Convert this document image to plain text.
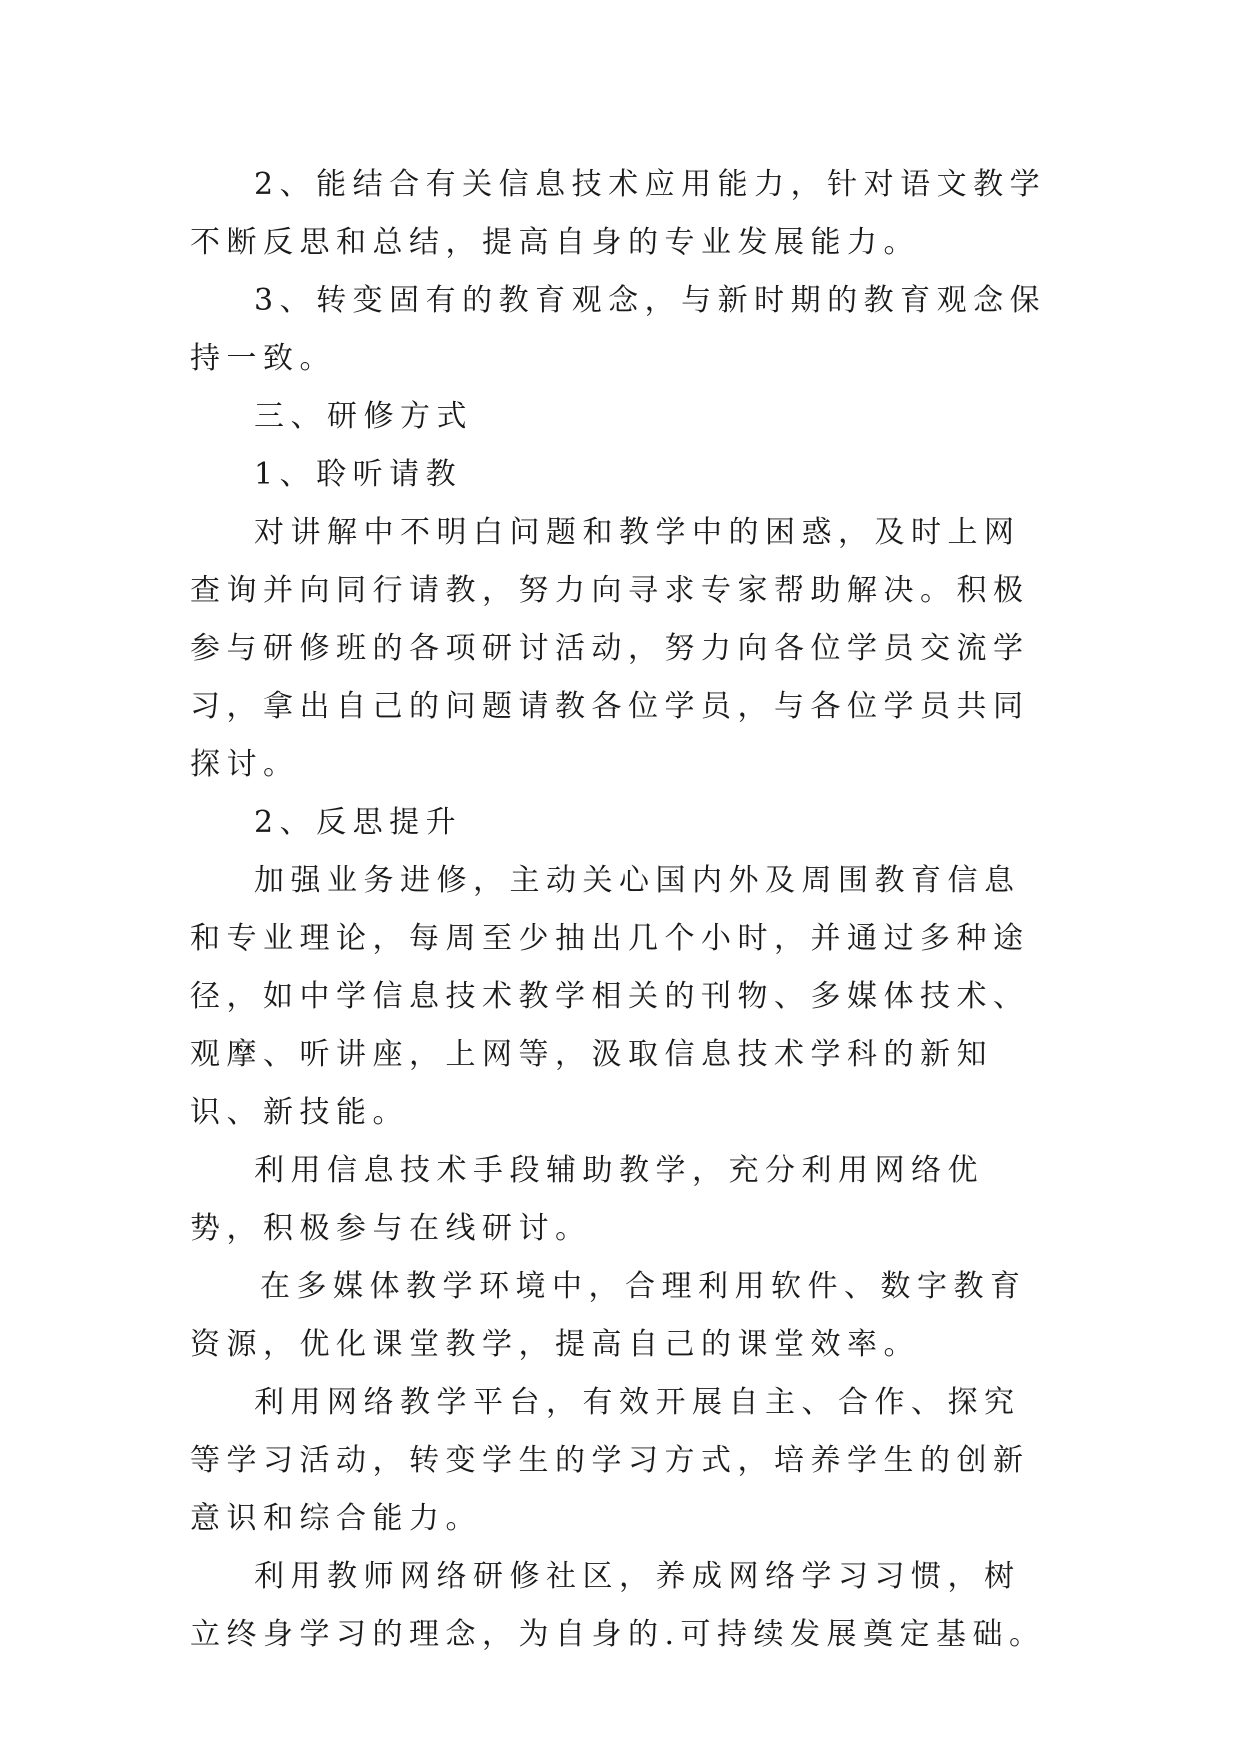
2、能结合有关信息技术应用能力，针对语文教学不断反思和总结，提高自身的专业发展能力。

3、转变固有的教育观念，与新时期的教育观念保持一致。

三、研修方式

1、聆听请教

对讲解中不明白问题和教学中的困惑，及时上网查询并向同行请教，努力向寻求专家帮助解决。积极参与研修班的各项研讨活动，努力向各位学员交流学习，拿出自己的问题请教各位学员，与各位学员共同探讨。

2、反思提升

加强业务进修，主动关心国内外及周围教育信息和专业理论，每周至少抽出几个小时，并通过多种途径，如中学信息技术教学相关的刊物、多媒体技术、观摩、听讲座，上网等，汲取信息技术学科的新知识、新技能。

利用信息技术手段辅助教学，充分利用网络优势，积极参与在线研讨。

在多媒体教学环境中，合理利用软件、数字教育资源，优化课堂教学，提高自己的课堂效率。

利用网络教学平台，有效开展自主、合作、探究等学习活动，转变学生的学习方式，培养学生的创新意识和综合能力。

利用教师网络研修社区，养成网络学习习惯，树立终身学习的理念，为自身的.可持续发展奠定基础。
